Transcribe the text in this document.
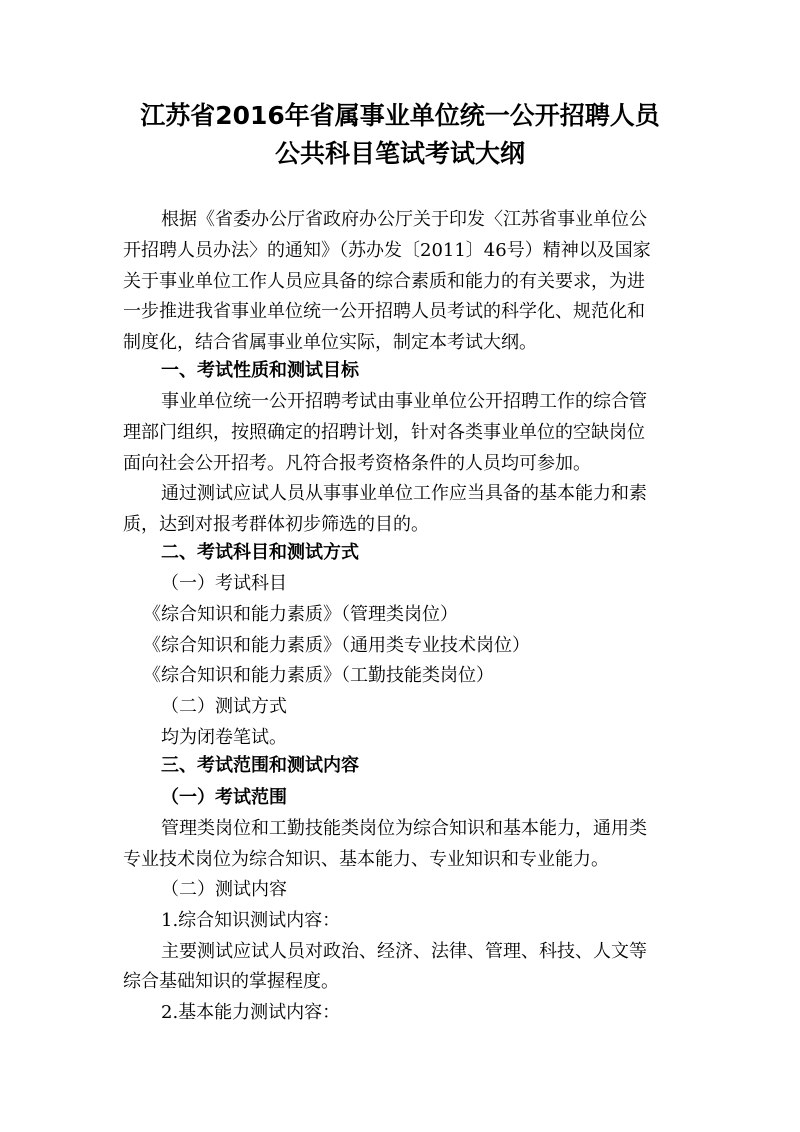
江苏省2016年省属事业单位统一公开招聘人员
公共科目笔试考试大纲
根据《省委办公厅省政府办公厅关于印发〈江苏省事业单位公
开招聘人员办法〉的通知》（苏办发〔2011〕46号）精神以及国家
关于事业单位工作人员应具备的综合素质和能力的有关要求，为进
一步推进我省事业单位统一公开招聘人员考试的科学化、规范化和
制度化，结合省属事业单位实际，制定本考试大纲。
一、考试性质和测试目标
事业单位统一公开招聘考试由事业单位公开招聘工作的综合管
理部门组织，按照确定的招聘计划，针对各类事业单位的空缺岗位
面向社会公开招考。凡符合报考资格条件的人员均可参加。
通过测试应试人员从事事业单位工作应当具备的基本能力和素
质，达到对报考群体初步筛选的目的。
二、考试科目和测试方式
（一）考试科目
《综合知识和能力素质》（管理类岗位）
《综合知识和能力素质》（通用类专业技术岗位）
《综合知识和能力素质》（工勤技能类岗位）
（二）测试方式
均为闭卷笔试。
三、考试范围和测试内容
（一）考试范围
管理类岗位和工勤技能类岗位为综合知识和基本能力，通用类
专业技术岗位为综合知识、基本能力、专业知识和专业能力。
（二）测试内容
1.综合知识测试内容：
主要测试应试人员对政治、经济、法律、管理、科技、人文等
综合基础知识的掌握程度。
2.基本能力测试内容：
